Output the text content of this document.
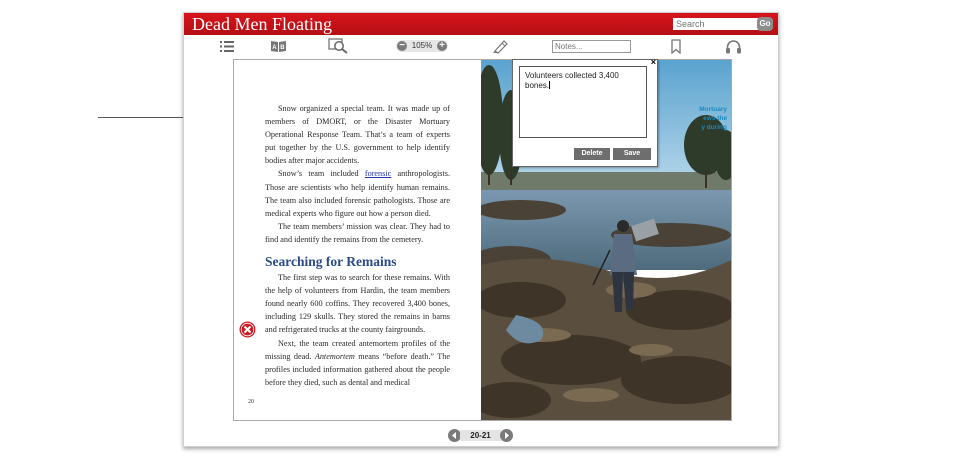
Dead Men Floating
Search	Go
A B	− 105% +	Notes...

Snow organized a special team. It was made up of members of DMORT, or the Disaster Mortuary Operational Response Team. That’s a team of experts put together by the U.S. government to help identify bodies after major accidents.

Snow’s team included forensic anthropologists. Those are scientists who help identify human remains. The team also included forensic pathologists. Those are medical experts who figure out how a person died.

The team members’ mission was clear. They had to find and identify the remains from the cemetery.

Searching for Remains

The first step was to search for these remains. With the help of volunteers from Hardin, the team members found nearly 600 coffins. They recovered 3,400 bones, including 129 skulls. They stored the remains in barns and refrigerated trucks at the county fairgrounds.

Next, the team created antemortem profiles of the missing dead. Antemortem means “before death.” The profiles included information gathered about the people before they died, such as dental and medical

20
Mortuary
ews the
y during
×
Volunteers collected 3,400 bones.
Delete	Save
20-21
